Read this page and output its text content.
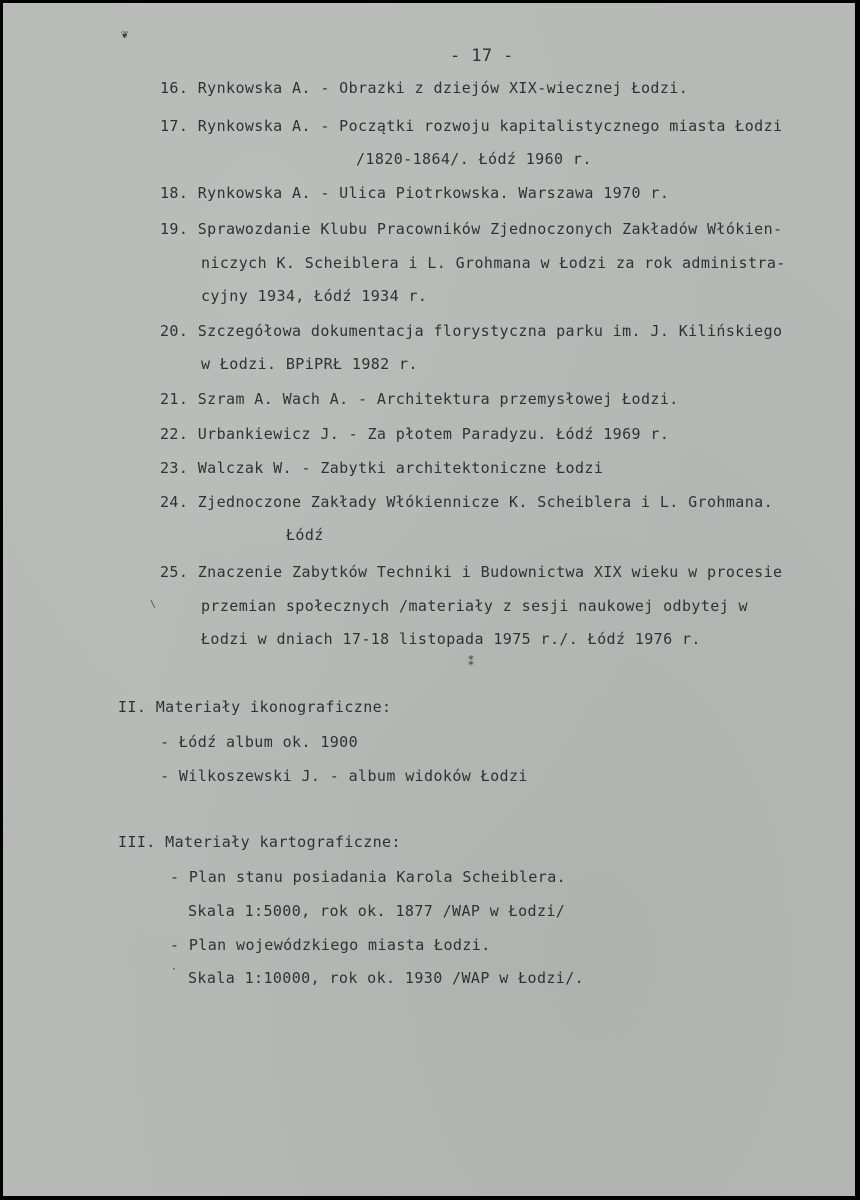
❦
- 17 -
16. Rynkowska A. - Obrazki z dziejów XIX-wiecznej Łodzi.
17. Rynkowska A. - Początki rozwoju kapitalistycznego miasta Łodzi
/1820-1864/. Łódź 1960 r.
18. Rynkowska A. - Ulica Piotrkowska. Warszawa 1970 r.
19. Sprawozdanie Klubu Pracowników Zjednoczonych Zakładów Włókien-
niczych K. Scheiblera i L. Grohmana w Łodzi za rok administra-
cyjny 1934, Łódź 1934 r.
20. Szczegółowa dokumentacja florystyczna parku im. J. Kilińskiego
w Łodzi. BPiPRŁ 1982 r.
21. Szram A. Wach A. - Architektura przemysłowej Łodzi.
22. Urbankiewicz J. - Za płotem Paradyzu. Łódź 1969 r.
23. Walczak W. - Zabytki architektoniczne Łodzi
24. Zjednoczone Zakłady Włókiennicze K. Scheiblera i L. Grohmana.
Łódź
25. Znaczenie Zabytków Techniki i Budownictwa XIX wieku w procesie
przemian społecznych /materiały z sesji naukowej odbytej w
Łodzi w dniach 17-18 listopada 1975 r./. Łódź 1976 r.
\
⁑
II. Materiały ikonograficzne:
- Łódź album ok. 1900
- Wilkoszewski J. - album widoków Łodzi
III. Materiały kartograficzne:
- Plan stanu posiadania Karola Scheiblera.
Skala 1:5000, rok ok. 1877 /WAP w Łodzi/
- Plan wojewódzkiego miasta Łodzi.
· Skala 1:10000, rok ok. 1930 /WAP w Łodzi/.
